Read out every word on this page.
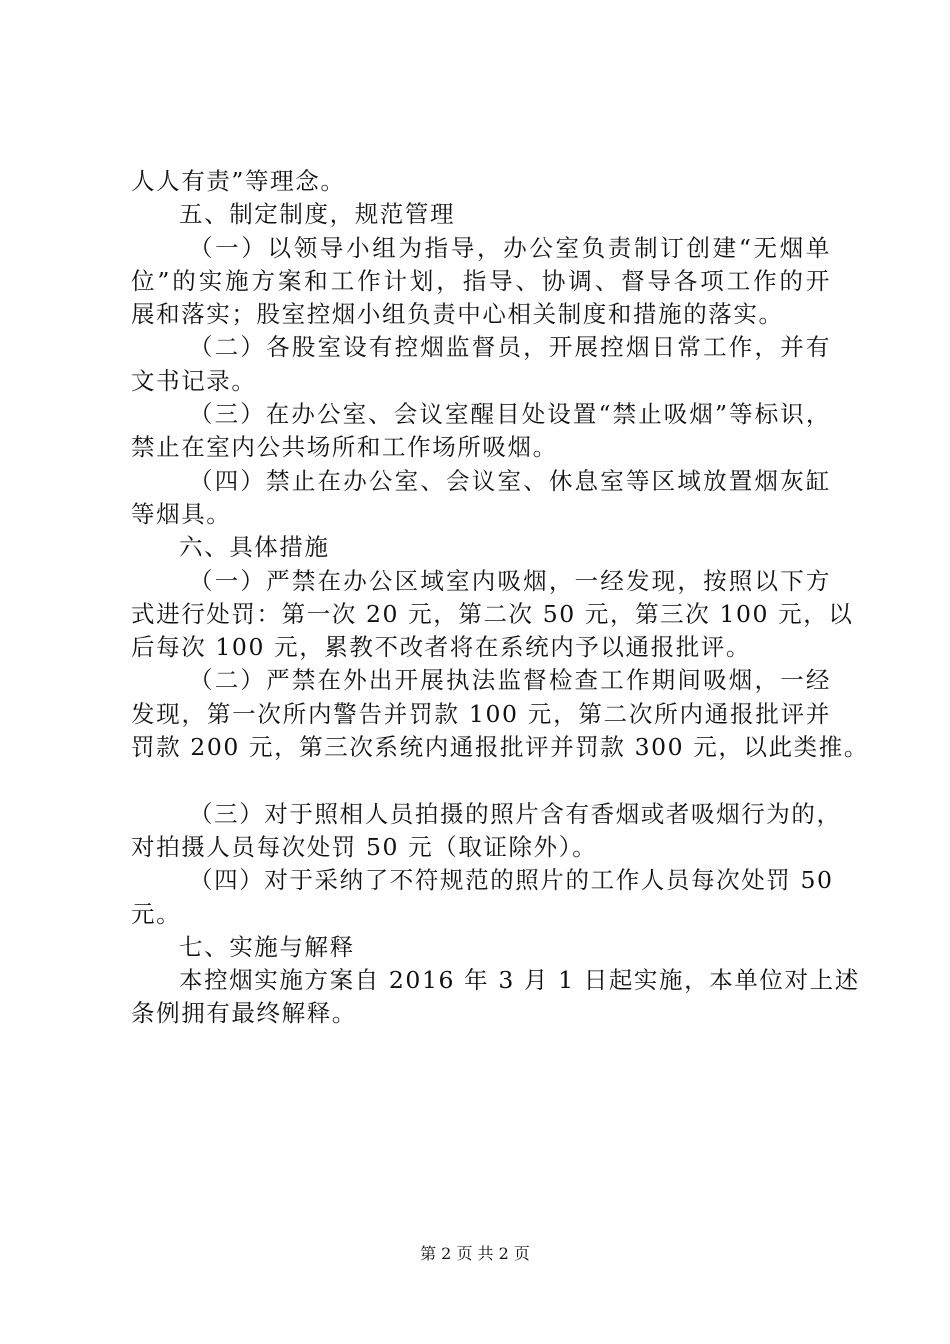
人人有责”等理念。
五、制定制度，规范管理
（一）以领导小组为指导，办公室负责制订创建“无烟单
位”的实施方案和工作计划，指导、协调、督导各项工作的开
展和落实；股室控烟小组负责中心相关制度和措施的落实。
（二）各股室设有控烟监督员，开展控烟日常工作，并有
文书记录。
（三）在办公室、会议室醒目处设置“禁止吸烟”等标识，
禁止在室内公共场所和工作场所吸烟。
（四）禁止在办公室、会议室、休息室等区域放置烟灰缸
等烟具。
六、具体措施
（一）严禁在办公区域室内吸烟，一经发现，按照以下方
式进行处罚：第一次 20 元，第二次 50 元，第三次 100 元，以
后每次 100 元，累教不改者将在系统内予以通报批评。
（二）严禁在外出开展执法监督检查工作期间吸烟，一经
发现，第一次所内警告并罚款 100 元，第二次所内通报批评并
罚款 200 元，第三次系统内通报批评并罚款 300 元，以此类推。
（三）对于照相人员拍摄的照片含有香烟或者吸烟行为的，
对拍摄人员每次处罚 50 元（取证除外）。
（四）对于采纳了不符规范的照片的工作人员每次处罚 50
元。
七、实施与解释
本控烟实施方案自 2016 年 3 月 1 日起实施，本单位对上述
条例拥有最终解释。
第 2 页 共 2 页
